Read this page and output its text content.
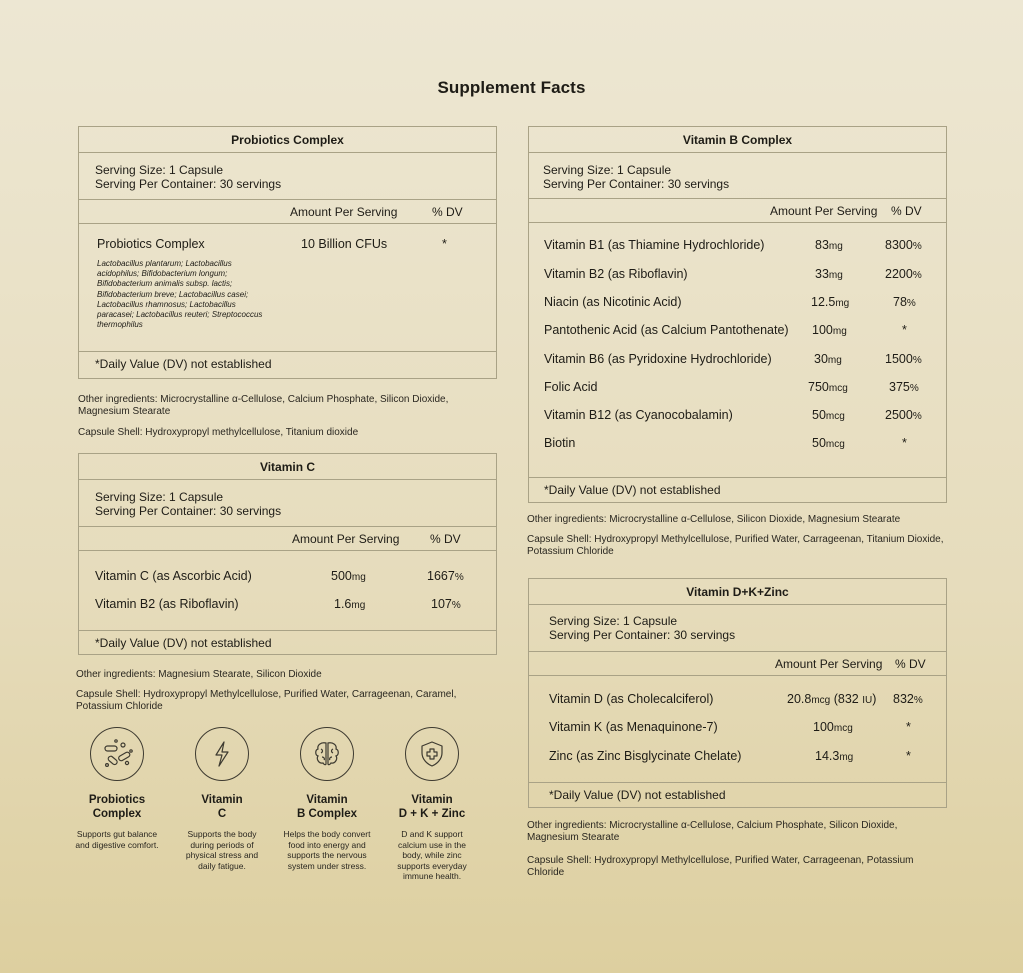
Supplement Facts
Probiotics Complex
Serving Size: 1 Capsule
Serving Per Container: 30 servings
Amount Per Serving	% DV
Probiotics Complex	10 Billion CFUs	*
Lactobacillus plantarum; Lactobacillus acidophilus; Bifidobacterium longum; Bifidobacterium animalis subsp. lactis; Bifidobacterium breve; Lactobacillus casei; Lactobacillus rhamnosus; Lactobacillus paracasei; Lactobacillus reuteri; Streptococcus thermophilus
*Daily Value (DV) not established
Other ingredients: Microcrystalline α-Cellulose, Calcium Phosphate, Silicon Dioxide, Magnesium Stearate
Capsule Shell: Hydroxypropyl methylcellulose, Titanium dioxide
Vitamin C
Serving Size: 1 Capsule
Serving Per Container: 30 servings
Amount Per Serving	% DV
Vitamin C (as Ascorbic Acid)	500mg	1667%
Vitamin B2 (as Riboflavin)	1.6mg	107%
*Daily Value (DV) not established
Other ingredients: Magnesium Stearate, Silicon Dioxide
Capsule Shell: Hydroxypropyl Methylcellulose, Purified Water, Carrageenan, Caramel, Potassium Chloride
Probiotics
Complex
Supports gut balance and digestive comfort.
Vitamin
C
Supports the body during periods of physical stress and daily fatigue.
Vitamin
B Complex
Helps the body convert food into energy and supports the nervous system under stress.
Vitamin
D + K + Zinc
D and K support calcium use in the body, while zinc supports everyday immune health.
Vitamin B Complex
Serving Size: 1 Capsule
Serving Per Container: 30 servings
Amount Per Serving % DV
Vitamin B1 (as Thiamine Hydrochloride)	83mg	8300%
Vitamin B2 (as Riboflavin)	33mg	2200%
Niacin (as Nicotinic Acid)	12.5mg	78%
Pantothenic Acid (as Calcium Pantothenate) 100mg	*
Vitamin B6 (as Pyridoxine Hydrochloride)	30mg	1500%
Folic Acid	750mcg	375%
Vitamin B12 (as Cyanocobalamin)	50mcg	2500%
Biotin	50mcg	*
*Daily Value (DV) not established
Other ingredients: Microcrystalline α-Cellulose, Silicon Dioxide, Magnesium Stearate
Capsule Shell: Hydroxypropyl Methylcellulose, Purified Water, Carrageenan, Titanium Dioxide, Potassium Chloride
Vitamin D+K+Zinc
Serving Size: 1 Capsule
Serving Per Container: 30 servings
Amount Per Serving % DV
Vitamin D (as Cholecalciferol)	20.8mcg (832 IU) 832%
Vitamin K (as Menaquinone-7)	100mcg	*
Zinc (as Zinc Bisglycinate Chelate)	14.3mg	*
*Daily Value (DV) not established
Other ingredients: Microcrystalline α-Cellulose, Calcium Phosphate, Silicon Dioxide, Magnesium Stearate
Capsule Shell: Hydroxypropyl Methylcellulose, Purified Water, Carrageenan, Potassium Chloride
